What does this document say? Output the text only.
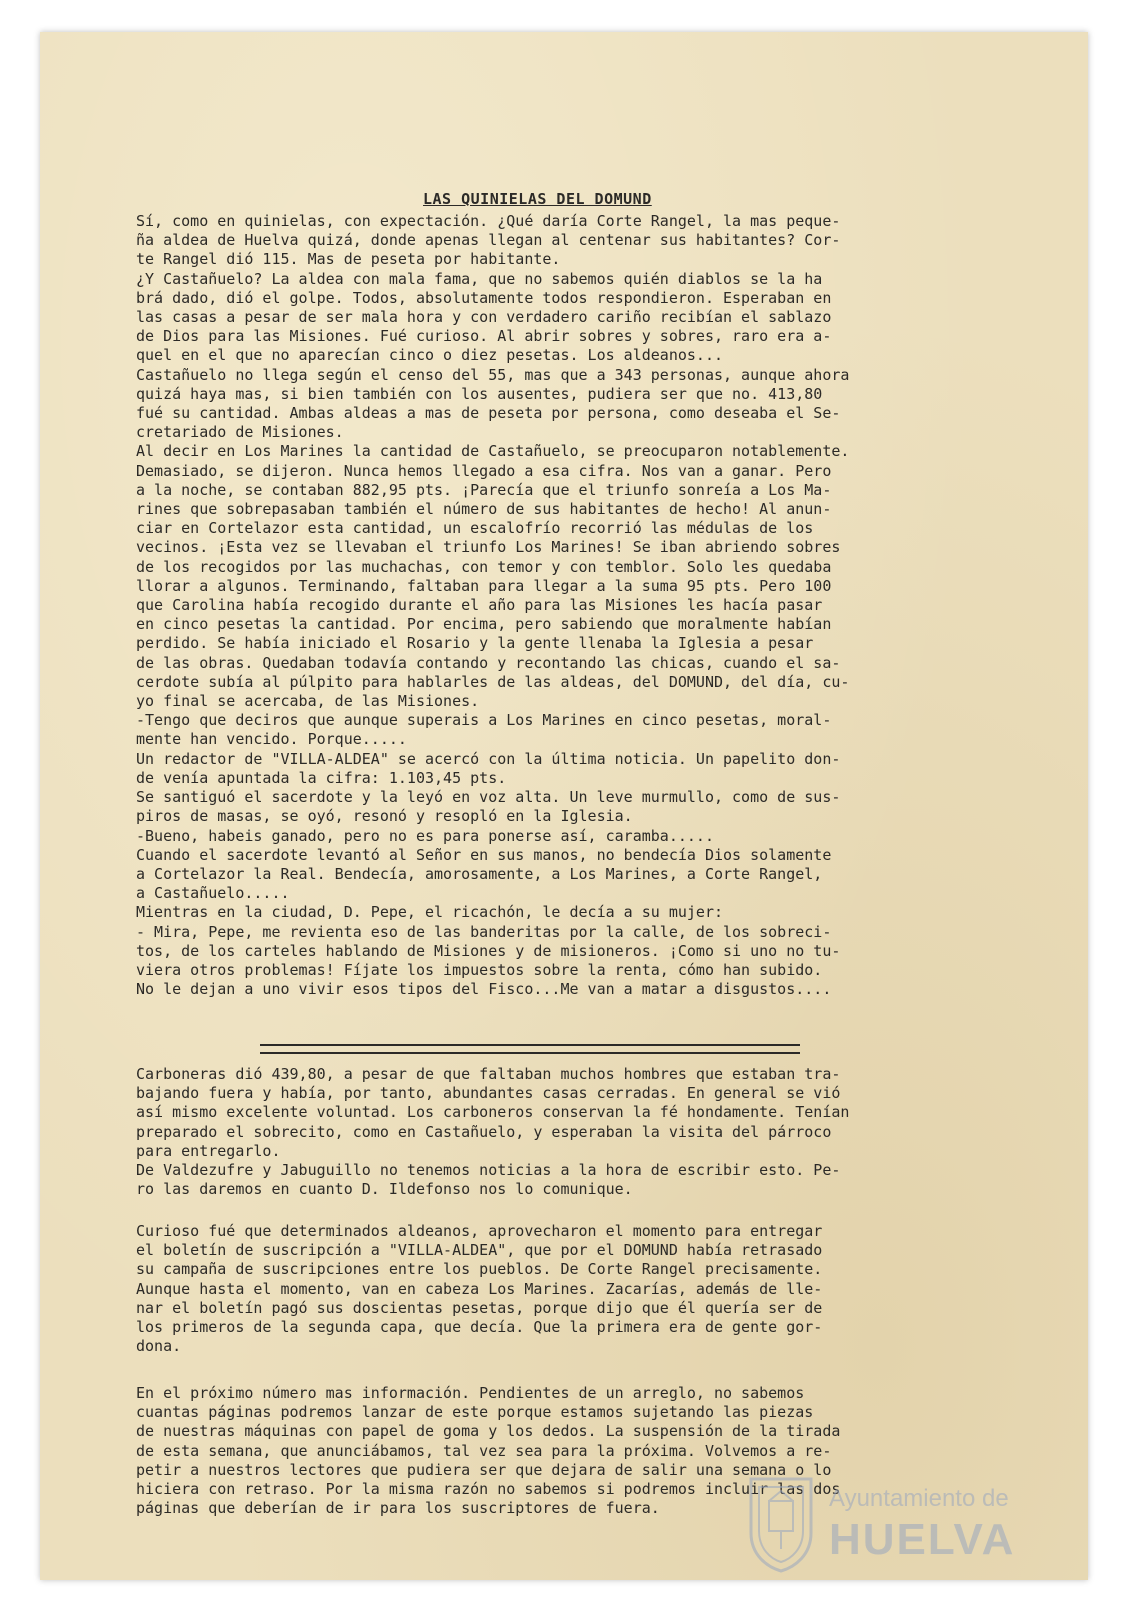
LAS QUINIELAS DEL DOMUND

Sí, como en quinielas, con expectación. ¿Qué daría Corte Rangel, la mas peque-
ña aldea de Huelva quizá, donde apenas llegan al centenar sus habitantes? Cor-
te Rangel dió 115. Mas de peseta por habitante.
¿Y Castañuelo? La aldea con mala fama, que no sabemos quién diablos se la ha
brá dado, dió el golpe. Todos, absolutamente todos respondieron. Esperaban en
las casas a pesar de ser mala hora y con verdadero cariño recibían el sablazo
de Dios para las Misiones. Fué curioso. Al abrir sobres y sobres, raro era a-
quel en el que no aparecían cinco o diez pesetas. Los aldeanos...
Castañuelo no llega según el censo del 55, mas que a 343 personas, aunque ahora
quizá haya mas, si bien también con los ausentes, pudiera ser que no. 413,80
fué su cantidad. Ambas aldeas a mas de peseta por persona, como deseaba el Se-
cretariado de Misiones.
Al decir en Los Marines la cantidad de Castañuelo, se preocuparon notablemente.
Demasiado, se dijeron. Nunca hemos llegado a esa cifra. Nos van a ganar. Pero
a la noche, se contaban 882,95 pts. ¡Parecía que el triunfo sonreía a Los Ma-
rines que sobrepasaban también el número de sus habitantes de hecho! Al anun-
ciar en Cortelazor esta cantidad, un escalofrío recorrió las médulas de los
vecinos. ¡Esta vez se llevaban el triunfo Los Marines! Se iban abriendo sobres
de los recogidos por las muchachas, con temor y con temblor. Solo les quedaba
llorar a algunos. Terminando, faltaban para llegar a la suma 95 pts. Pero 100
que Carolina había recogido durante el año para las Misiones les hacía pasar
en cinco pesetas la cantidad. Por encima, pero sabiendo que moralmente habían
perdido. Se había iniciado el Rosario y la gente llenaba la Iglesia a pesar
de las obras. Quedaban todavía contando y recontando las chicas, cuando el sa-
cerdote subía al púlpito para hablarles de las aldeas, del DOMUND, del día, cu-
yo final se acercaba, de las Misiones.
-Tengo que deciros que aunque superais a Los Marines en cinco pesetas, moral-
mente han vencido. Porque.....
Un redactor de "VILLA-ALDEA" se acercó con la última noticia. Un papelito don-
de venía apuntada la cifra: 1.103,45 pts.
Se santiguó el sacerdote y la leyó en voz alta. Un leve murmullo, como de sus-
piros de masas, se oyó, resonó y resopló en la Iglesia.
-Bueno, habeis ganado, pero no es para ponerse así, caramba.....
Cuando el sacerdote levantó al Señor en sus manos, no bendecía Dios solamente
a Cortelazor la Real. Bendecía, amorosamente, a Los Marines, a Corte Rangel,
a Castañuelo.....
Mientras en la ciudad, D. Pepe, el ricachón, le decía a su mujer:
- Mira, Pepe, me revienta eso de las banderitas por la calle, de los sobreci-
tos, de los carteles hablando de Misiones y de misioneros. ¡Como si uno no tu-
viera otros problemas! Fíjate los impuestos sobre la renta, cómo han subido.
No le dejan a uno vivir esos tipos del Fisco...Me van a matar a disgustos....

Carboneras dió 439,80, a pesar de que faltaban muchos hombres que estaban tra-
bajando fuera y había, por tanto, abundantes casas cerradas. En general se vió
así mismo excelente voluntad. Los carboneros conservan la fé hondamente. Tenían
preparado el sobrecito, como en Castañuelo, y esperaban la visita del párroco
para entregarlo.
De Valdezufre y Jabuguillo no tenemos noticias a la hora de escribir esto. Pe-
ro las daremos en cuanto D. Ildefonso nos lo comunique.

Curioso fué que determinados aldeanos, aprovecharon el momento para entregar
el boletín de suscripción a "VILLA-ALDEA", que por el DOMUND había retrasado
su campaña de suscripciones entre los pueblos. De Corte Rangel precisamente.
Aunque hasta el momento, van en cabeza Los Marines. Zacarías, además de lle-
nar el boletín pagó sus doscientas pesetas, porque dijo que él quería ser de
los primeros de la segunda capa, que decía. Que la primera era de gente gor-
dona.

En el próximo número mas información. Pendientes de un arreglo, no sabemos
cuantas páginas podremos lanzar de este porque estamos sujetando las piezas
de nuestras máquinas con papel de goma y los dedos. La suspensión de la tirada
de esta semana, que anunciábamos, tal vez sea para la próxima. Volvemos a re-
petir a nuestros lectores que pudiera ser que dejara de salir una semana o lo
hiciera con retraso. Por la misma razón no sabemos si podremos incluir las dos
páginas que deberían de ir para los suscriptores de fuera.	Ayuntamiento de
HUELVA
